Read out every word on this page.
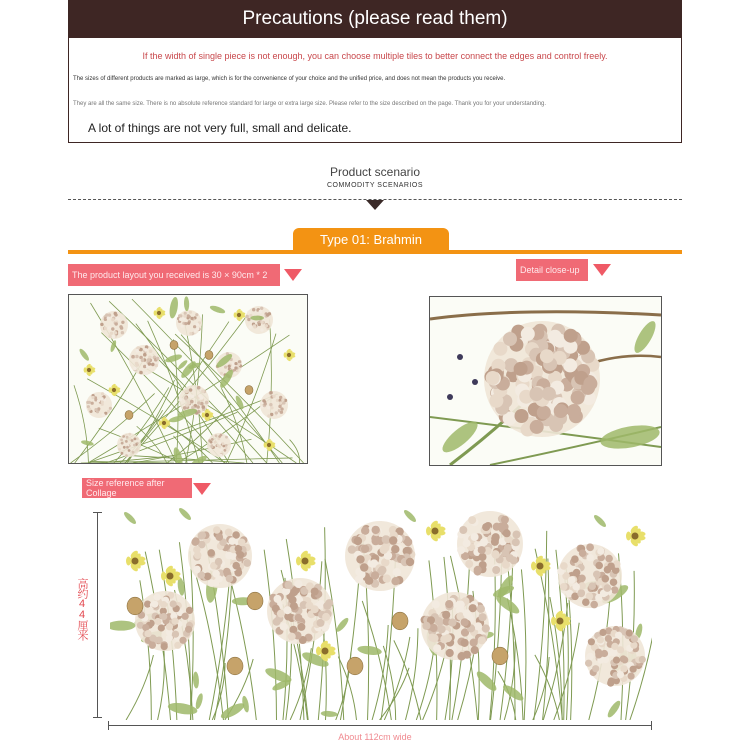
Precautions (please read them)
If the width of single piece is not enough, you can choose multiple tiles to better connect the edges and control freely.
The sizes of different products are marked as large, which is for the convenience of your choice and the unified price, and does not mean the products you receive.
They are all the same size. There is no absolute reference standard for large or extra large size. Please refer to the size described on the page. Thank you for your understanding.
A lot of things are not very full, small and delicate.
Product scenario
COMMODITY SCENARIOS
Type 01: Brahmin
The product layout you received is 30 × 90cm * 2	Detail close-up
Size reference after Collage
高约44厘米
About 112cm wide
